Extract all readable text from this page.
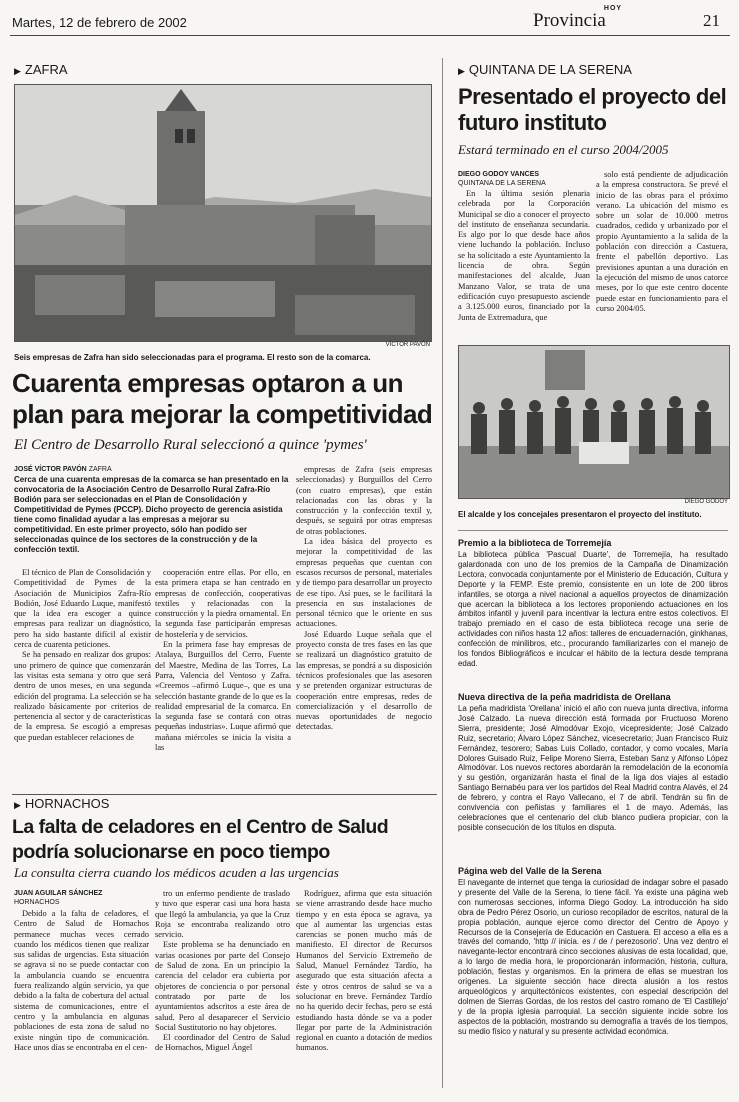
Martes, 12 de febrero de 2002
HOY
Provincia	21
▶ ZAFRA
VÍCTOR PAVÓN
Seis empresas de Zafra han sido seleccionadas para el programa. El resto son de la comarca.
Cuarenta empresas optaron a un plan para mejorar la competitividad
El Centro de Desarrollo Rural seleccionó a quince 'pymes'
JOSÉ VÍCTOR PAVÓN ZAFRA
Cerca de una cuarenta empresas de la comarca se han presentado en la convocatoria de la Asociación Centro de Desarrollo Rural Zafra-Río Bodión para ser seleccionadas en el Plan de Consolidación y Competitividad de Pymes (PCCP). Dicho proyecto de gerencia asistida tiene como finalidad ayudar a las empresas a mejorar su competitividad. En este primer proyecto, sólo han podido ser seleccionadas quince de los sectores de la construcción y de la confección textil.

El técnico de Plan de Consolidación y Competitividad de Pymes de la Asociación de Municipios Zafra-Río Bodión, José Eduardo Luque, manifestó que la idea era escoger a quince empresas para realizar un diagnóstico, pero ha sido bastante difícil al existir cerca de cuarenta peticiones.

Se ha pensado en realizar dos grupos: uno primero de quince que comenzarán las visitas esta semana y otro que será dentro de unos meses, en una segunda edición del programa. La selección se ha realizado básicamente por criterios de pertenencia al sector y de características de la empresa. Se escogió a empresas que puedan establecer relaciones de

cooperación entre ellas. Por ello, en esta primera etapa se han centrado en empresas de confección, cooperativas textiles y relacionadas con la construcción y la piedra ornamental. En la segunda fase participarán empresas de hostelería y de servicios.

En la primera fase hay empresas de Atalaya, Burguillos del Cerro, Fuente del Maestre, Medina de las Torres, La Parra, Valencia del Ventoso y Zafra. «Creemos –afirmó Luque–, que es una selección bastante grande de lo que es la realidad empresarial de la comarca. En la segunda fase se contará con otras pequeñas industrias». Luque afirmó que mañana miércoles se inicia la visita a las

empresas de Zafra (seis empresas seleccionadas) y Burguillos del Cerro (con cuatro empresas), que están relacionadas con las obras y la construcción y la confección textil y, después, se seguirá por otras empresas de otras poblaciones.

La idea básica del proyecto es mejorar la competitividad de las empresas pequeñas que cuentan con escasos recursos de personal, materiales y de tiempo para desarrollar un proyecto de ese tipo. Así pues, se le facilitará la presencia en sus instalaciones de personal técnico que le oriente en sus actuaciones.

José Eduardo Luque señala que el proyecto consta de tres fases en las que se realizará un diagnóstico gratuito de las empresas, se pondrá a su disposición técnicos profesionales que las asesoren y se pretenden organizar estructuras de cooperación entre empresas, redes de comercialización y el desarrollo de nuevas oportunidades de negocio detectadas.

▶ QUINTANA DE LA SERENA
Presentado el proyecto del futuro instituto
Estará terminado en el curso 2004/2005
DIEGO GODOY VANCES
QUINTANA DE LA SERENA

En la última sesión plenaria celebrada por la Corporación Municipal se dio a conocer el proyecto del instituto de enseñanza secundaria. Es algo por lo que desde hace años viene luchando la población. Incluso se ha solicitado a este Ayuntamiento la licencia de obra. Según manifestaciones del alcalde, Juan Manzano Valor, se trata de una edificación cuyo presupuesto asciende a 3.125.000 euros, financiado por la Junta de Extremadura, que

solo está pendiente de adjudicación a la empresa constructora. Se prevé el inicio de las obras para el próximo verano. La ubicación del mismo es sobre un solar de 10.000 metros cuadrados, cedido y urbanizado por el propio Ayuntamiento a la salida de la población con dirección a Castuera, frente el pabellón deportivo. Las previsiones apuntan a una duración en la ejecución del mismo de unos catorce meses, por lo que este centro docente puede estar en funcionamiento para el curso 2004/05.

DIEGO GODOY
El alcalde y los concejales presentaron el proyecto del instituto.
Premio a la biblioteca de Torremejía
La biblioteca pública 'Pascual Duarte', de Torremejía, ha resultado galardonada con uno de los premios de la Campaña de Dinamización Lectora, convocada conjuntamente por el Ministerio de Educación, Cultura y Deporte y la FEMP. Este premio, consistente en un lote de 200 libros infantiles, se otorga a nivel nacional a aquellos proyectos de dinamización que acercan la biblioteca a los lectores proponiendo actuaciones en los ámbitos infantil y juvenil para incentivar la lectura entre estos colectivos. El trabajo premiado en el caso de esta biblioteca recoge una serie de actividades con niños hasta 12 años: talleres de encuadernación, ginkhanas, confección de minilibros, etc., procurando familiarizarles con el manejo de los fondos Bibliográficos e inculcar el hábito de la lectura desde temprana edad.
Nueva directiva de la peña madridista de Orellana
La peña madridista 'Orellana' inició el año con nueva junta directiva, informa José Calzado. La nueva dirección está formada por Fructuoso Moreno Sierra, presidente; José Almodóvar Exojo, vicepresidente; José Calzado Ruiz, secretario; Álvaro López Sánchez, vicesecretario; Juan Francisco Ruiz Fernández, tesorero; Sabas Luis Collado, contador, y como vocales, María Dolores Guisado Ruiz, Felipe Moreno Sierra, Esteban Sanz y Alfonso López Almodóvar. Los nuevos rectores abordarán la remodelación de la economía y su gestión, organizarán hasta el final de la liga dos viajes al estadio Santiago Bernabéu para ver los partidos del Real Madrid contra Alavés, el 24 de febrero, y contra el Rayo Vallecano, el 7 de abril. Tendrán su fin de convivencia con peñistas y familiares el 1 de mayo. Además, las celebraciones que el centenario del club blanco pudiera propiciar, con la posible consecución de los títulos en disputa.
Página web del Valle de la Serena
El navegante de internet que tenga la curiosidad de indagar sobre el pasado y presente del Valle de la Serena, lo tiene fácil. Ya existe una página web con numerosas secciones, informa Diego Godoy. La introducción ha sido obra de Pedro Pérez Osorio, un curioso recopilador de escritos, natural de la propia población, aunque ejerce como director del Centro de Apoyo y Recursos de la Consejería de Educación en Castuera. El acceso a ella es a través del comando, 'http // inicia. es / de / perezosorio'. Una vez dentro el navegante-lector encontrará cinco secciones alusivas de esta localidad, que, a lo largo de media hora, le proporcionarán información, historia, cultura, población, fiestas y organismos. En la primera de ellas se muestran los orígenes. La siguiente sección hace directa alusión a los restos arqueológicos y arquitectónicos existentes, con especial descripción del dolmen de Sierras Gordas, de los restos del castro romano de 'El Castillejo' y de la propia iglesia parroquial. La sección siguiente incide sobre los aspectos de la población, mostrando su demografía a través de los tiempos, su medio físico y natural y su presente actividad económica.
▶ HORNACHOS
La falta de celadores en el Centro de Salud podría solucionarse en poco tiempo
La consulta cierra cuando los médicos acuden a las urgencias
JUAN AGUILAR SÁNCHEZ
HORNACHOS

Debido a la falta de celadores, el Centro de Salud de Hornachos permanece muchas veces cerrado cuando los médicos tienen que realizar sus salidas de urgencias. Esta situación se agrava si no se puede contactar con la ambulancia cuando se encuentra fuera realizando algún servicio, ya que debido a la falta de cobertura del actual sistema de comunicaciones, entre el centro y la ambulancia en algunas poblaciones de esta zona de salud no existe ningún tipo de comunicación. Hace unos días se encontraba en el cen-

tro un enfermo pendiente de traslado y tuvo que esperar casi una hora hasta que llegó la ambulancia, ya que la Cruz Roja se encontraba realizando otro servicio.

Este problema se ha denunciado en varias ocasiones por parte del Consejo de Salud de zona. En un principio la carencia del celador era cubierta por objetores de conciencia o por personal contratado por parte de los ayuntamientos adscritos a este área de salud. Pero al desaparecer el Servicio Social Sustitutorio no hay objetores.

El coordinador del Centro de Salud de Hornachos, Miguel Ángel

Rodríguez, afirma que esta situación se viene arrastrando desde hace mucho tiempo y en esta época se agrava, ya que al aumentar las urgencias estas carencias se ponen mucho más de manifiesto. El director de Recursos Humanos del Servicio Extremeño de Salud, Manuel Fernández Tardío, ha asegurado que esta situación afecta a éste y otros centros de salud se va a solucionar en breve. Fernández Tardío no ha querido decir fechas, pero se está estudiando hasta dónde se va a poder llegar por parte de la Administración regional en cuanto a dotación de medios humanos.
